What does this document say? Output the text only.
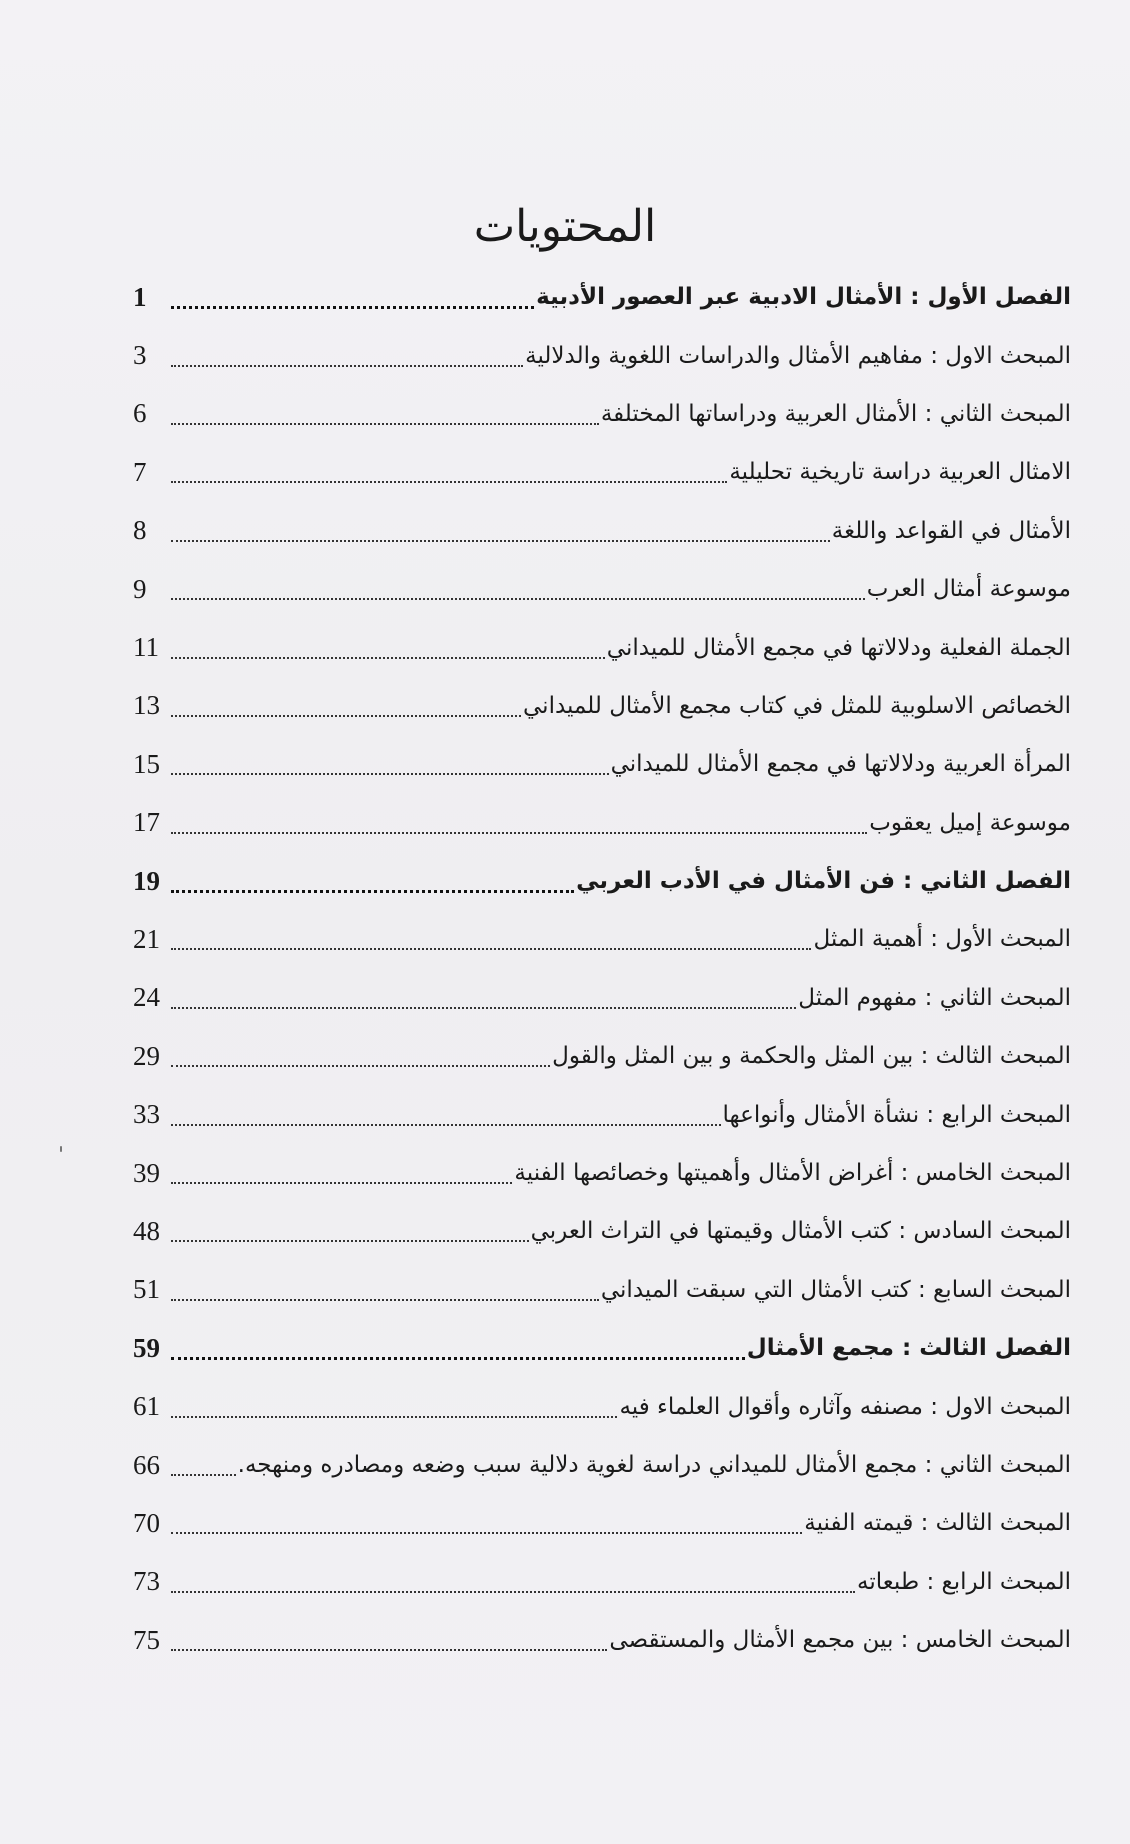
المحتويات
الفصل الأول : الأمثال الادبية عبر العصور الأدبية
1
المبحث الاول : مفاهيم الأمثال والدراسات اللغوية والدلالية
3
المبحث الثاني : الأمثال العربية ودراساتها المختلفة
6
الامثال العربية دراسة تاريخية تحليلية
7
الأمثال في القواعد واللغة
8
موسوعة أمثال العرب
9
الجملة الفعلية ودلالاتها في مجمع الأمثال للميداني
11
الخصائص الاسلوبية للمثل في كتاب مجمع الأمثال للميداني
13
المرأة العربية ودلالاتها في مجمع الأمثال للميداني
15
موسوعة إميل يعقوب
17
الفصل الثاني : فن الأمثال في الأدب العربي
19
المبحث الأول : أهمية المثل
21
المبحث الثاني : مفهوم المثل
24
المبحث الثالث : بين المثل والحكمة و بين المثل والقول
29
المبحث الرابع : نشأة الأمثال وأنواعها
33
المبحث الخامس : أغراض الأمثال وأهميتها وخصائصها الفنية
39
المبحث السادس : كتب الأمثال وقيمتها في التراث العربي
48
المبحث السابع : كتب الأمثال التي سبقت الميداني
51
الفصل الثالث : مجمع الأمثال
59
المبحث الاول : مصنفه وآثاره وأقوال العلماء فيه
61
المبحث الثاني : مجمع الأمثال للميداني دراسة لغوية دلالية سبب وضعه ومصادره ومنهجه.
66
المبحث الثالث : قيمته الفنية
70
المبحث الرابع : طبعاته
73
المبحث الخامس : بين مجمع الأمثال والمستقصى
75
